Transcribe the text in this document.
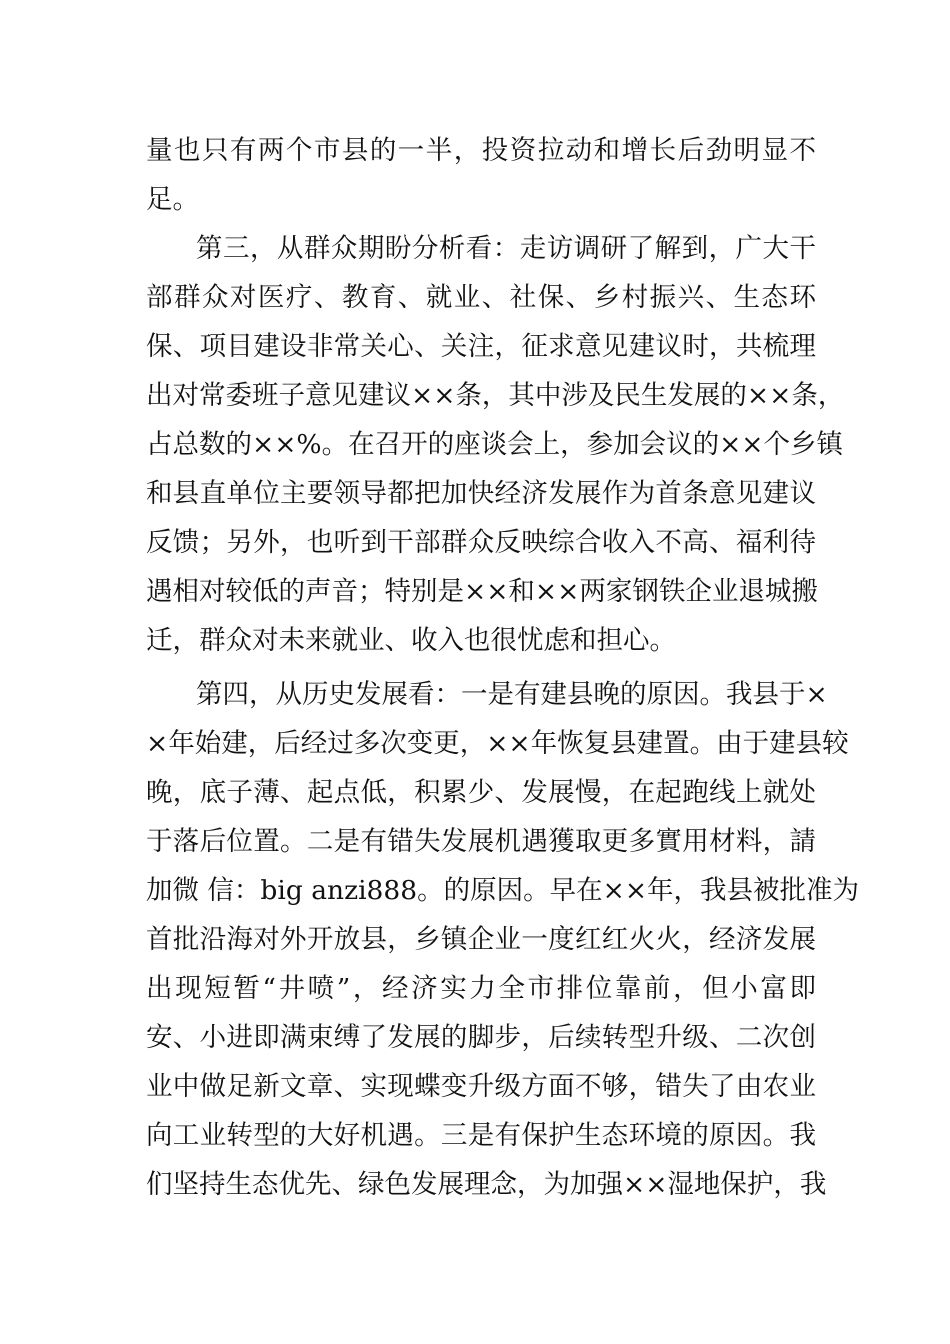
量也只有两个市县的一半，投资拉动和增长后劲明显不
足。
第三，从群众期盼分析看：走访调研了解到，广大干
部群众对医疗、教育、就业、社保、乡村振兴、生态环
保、项目建设非常关心、关注，征求意见建议时，共梳理
出对常委班子意见建议××条，其中涉及民生发展的××条，
占总数的××%。在召开的座谈会上，参加会议的××个乡镇
和县直单位主要领导都把加快经济发展作为首条意见建议
反馈；另外，也听到干部群众反映综合收入不高、福利待
遇相对较低的声音；特别是××和××两家钢铁企业退城搬
迁，群众对未来就业、收入也很忧虑和担心。
第四，从历史发展看：一是有建县晚的原因。我县于×
×年始建，后经过多次变更，××年恢复县建置。由于建县较
晚，底子薄、起点低，积累少、发展慢，在起跑线上就处
于落后位置。二是有错失发展机遇獲取更多實用材料，請
加微 信：big anzi888。的原因。早在××年，我县被批准为
首批沿海对外开放县，乡镇企业一度红红火火，经济发展
出现短暂“井喷”，经济实力全市排位靠前，但小富即
安、小进即满束缚了发展的脚步，后续转型升级、二次创
业中做足新文章、实现蝶变升级方面不够，错失了由农业
向工业转型的大好机遇。三是有保护生态环境的原因。我
们坚持生态优先、绿色发展理念，为加强××湿地保护，我
